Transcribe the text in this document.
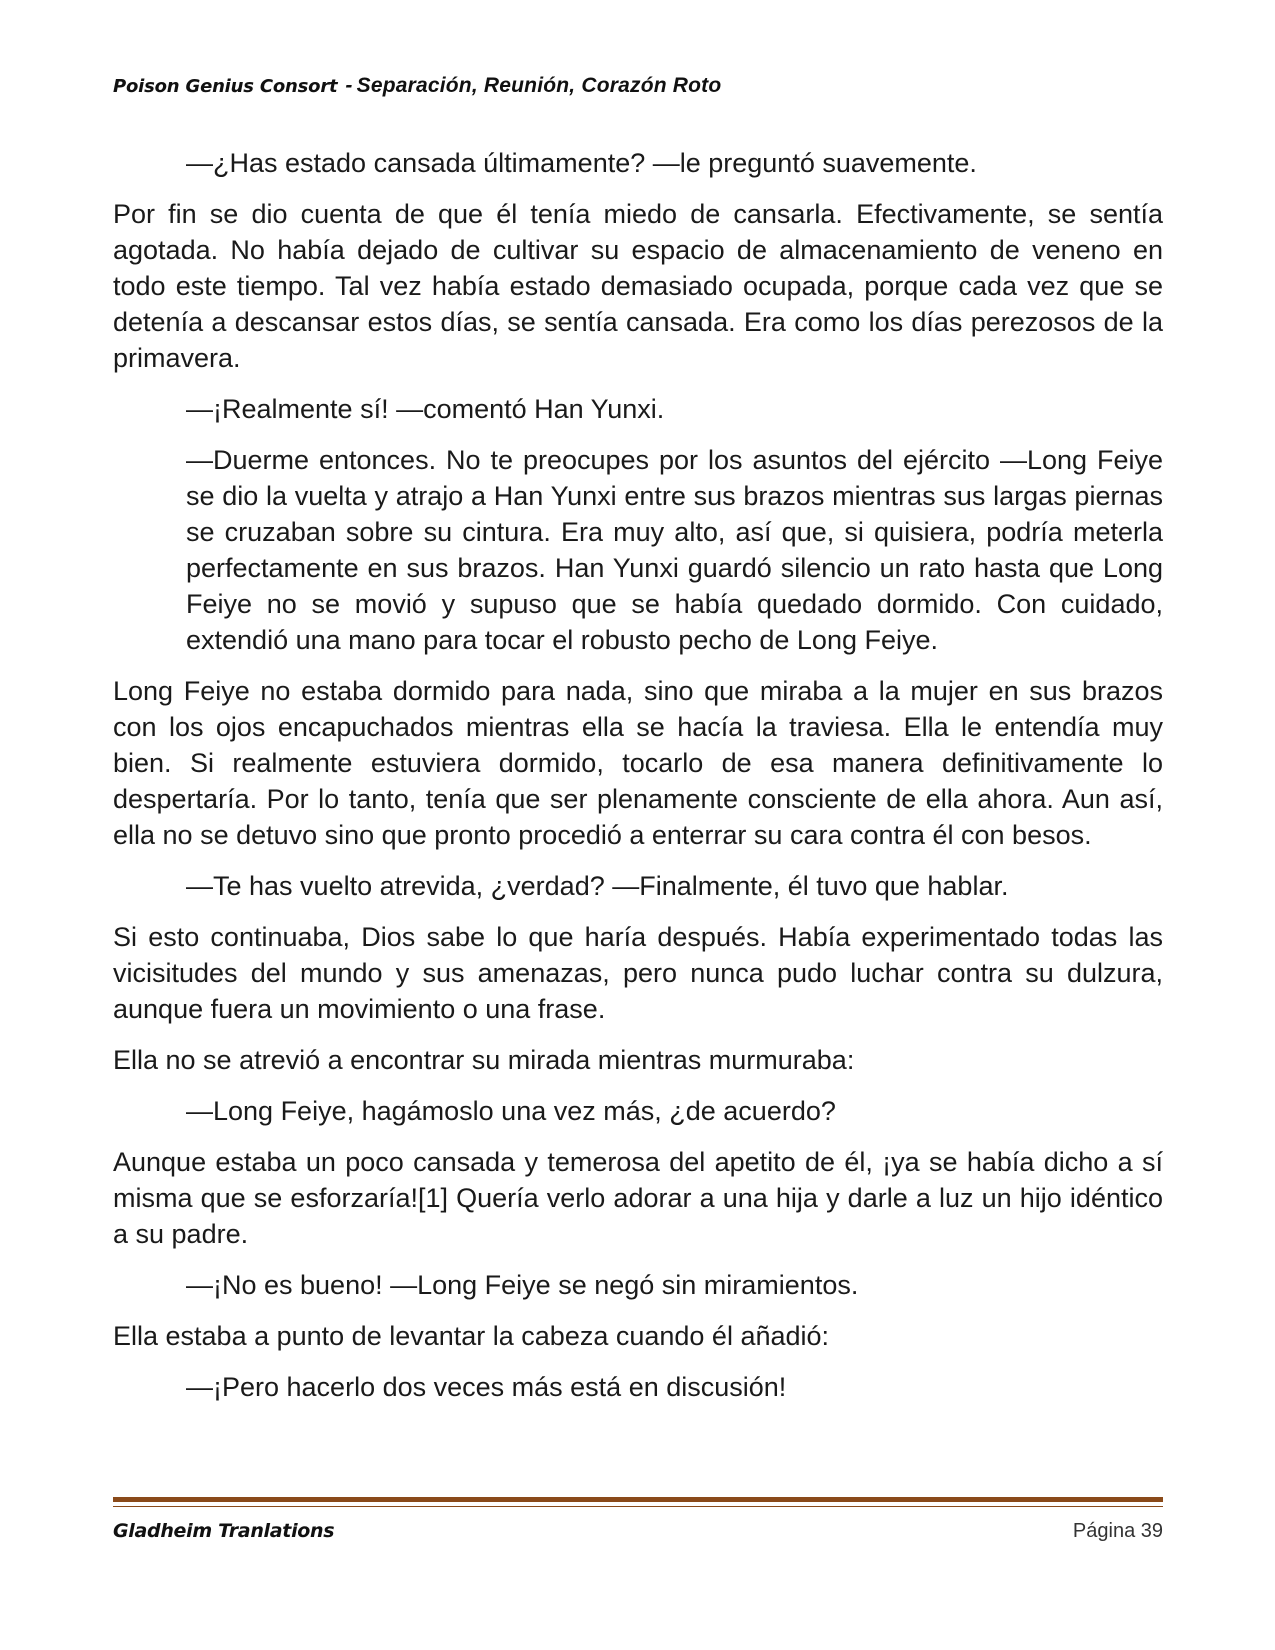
Poison Genius Consort - Separación, Reunión, Corazón Roto

—¿Has estado cansada últimamente? —le preguntó suavemente.

Por fin se dio cuenta de que él tenía miedo de cansarla. Efectivamente, se sentía agotada. No había dejado de cultivar su espacio de almacenamiento de veneno en todo este tiempo. Tal vez había estado demasiado ocupada, porque cada vez que se detenía a descansar estos días, se sentía cansada. Era como los días perezosos de la primavera.

—¡Realmente sí! —comentó Han Yunxi.

—Duerme entonces. No te preocupes por los asuntos del ejército —Long Feiye se dio la vuelta y atrajo a Han Yunxi entre sus brazos mientras sus largas piernas se cruzaban sobre su cintura. Era muy alto, así que, si quisiera, podría meterla perfectamente en sus brazos. Han Yunxi guardó silencio un rato hasta que Long Feiye no se movió y supuso que se había quedado dormido. Con cuidado, extendió una mano para tocar el robusto pecho de Long Feiye.

Long Feiye no estaba dormido para nada, sino que miraba a la mujer en sus brazos con los ojos encapuchados mientras ella se hacía la traviesa. Ella le entendía muy bien. Si realmente estuviera dormido, tocarlo de esa manera definitivamente lo despertaría. Por lo tanto, tenía que ser plenamente consciente de ella ahora. Aun así, ella no se detuvo sino que pronto procedió a enterrar su cara contra él con besos.

—Te has vuelto atrevida, ¿verdad? —Finalmente, él tuvo que hablar.

Si esto continuaba, Dios sabe lo que haría después. Había experimentado todas las vicisitudes del mundo y sus amenazas, pero nunca pudo luchar contra su dulzura, aunque fuera un movimiento o una frase.

Ella no se atrevió a encontrar su mirada mientras murmuraba:

—Long Feiye, hagámoslo una vez más, ¿de acuerdo?

Aunque estaba un poco cansada y temerosa del apetito de él, ¡ya se había dicho a sí misma que se esforzaría![1] Quería verlo adorar a una hija y darle a luz un hijo idéntico a su padre.

—¡No es bueno! —Long Feiye se negó sin miramientos.

Ella estaba a punto de levantar la cabeza cuando él añadió:

—¡Pero hacerlo dos veces más está en discusión!

Gladheim Tranlations	Página 39
